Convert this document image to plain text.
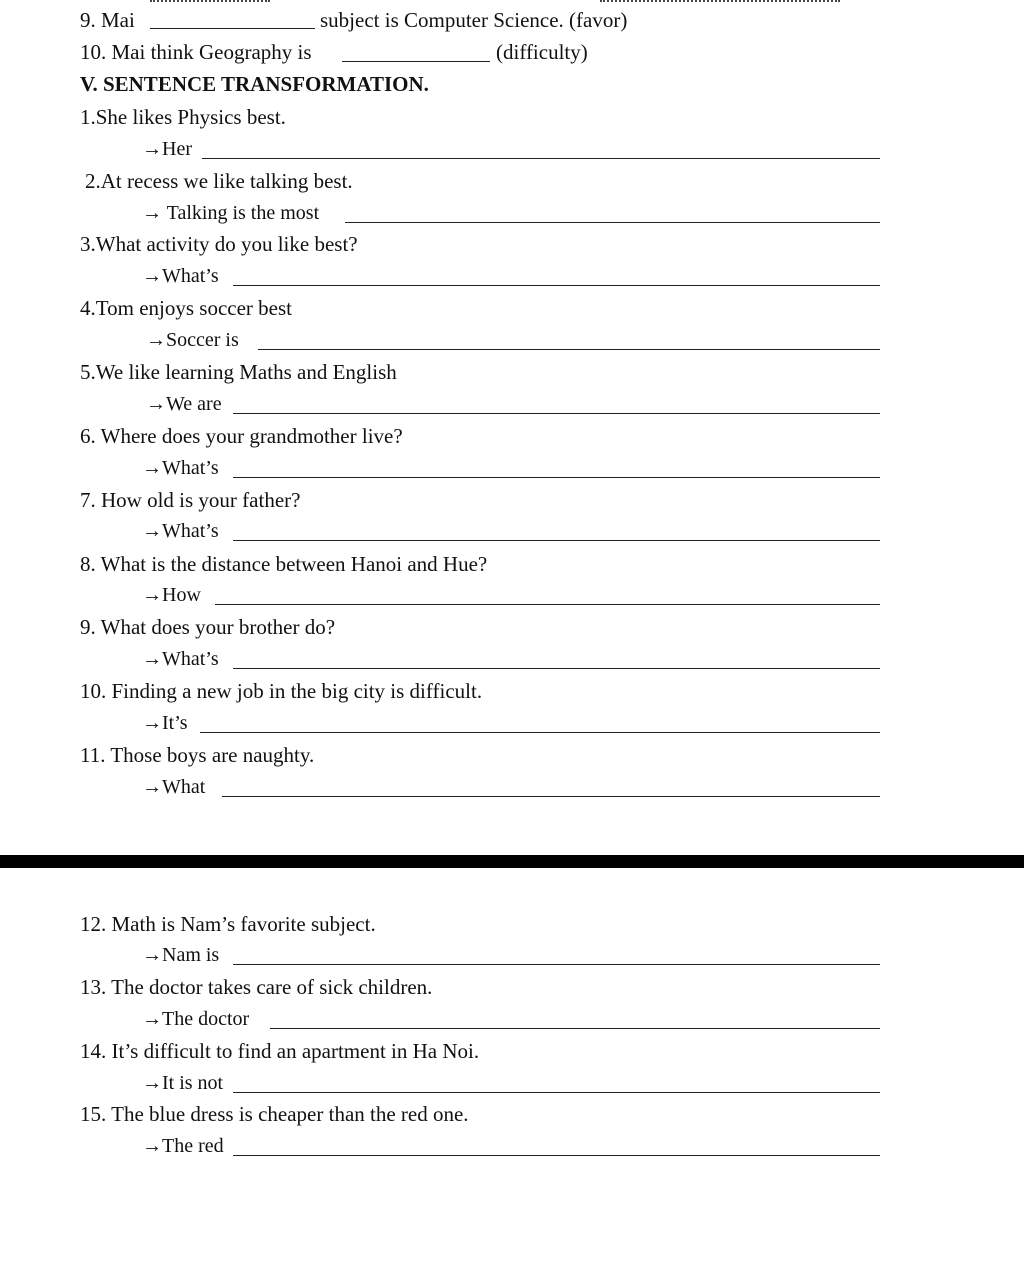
9. Mai	subject is Computer Science. (favor)
10. Mai think Geography is	(difficulty)
V. SENTENCE TRANSFORMATION.
1.She likes Physics best.
→Her
2.At recess we like talking best.
→ Talking is the most
3.What activity do you like best?
→What’s
4.Tom enjoys soccer best
→Soccer is
5.We like learning Maths and English
→We are
6. Where does your grandmother live?
→What’s
7. How old is your father?
→What’s
8. What is the distance between Hanoi and Hue?
→How
9. What does your brother do?
→What’s
10. Finding a new job in the big city is difficult.
→It’s
11. Those boys are naughty.
→What
12. Math is Nam’s favorite subject.
→Nam is
13. The doctor takes care of sick children.
→The doctor
14. It’s difficult to find an apartment in Ha Noi.
→It is not
15. The blue dress is cheaper than the red one.
→The red
